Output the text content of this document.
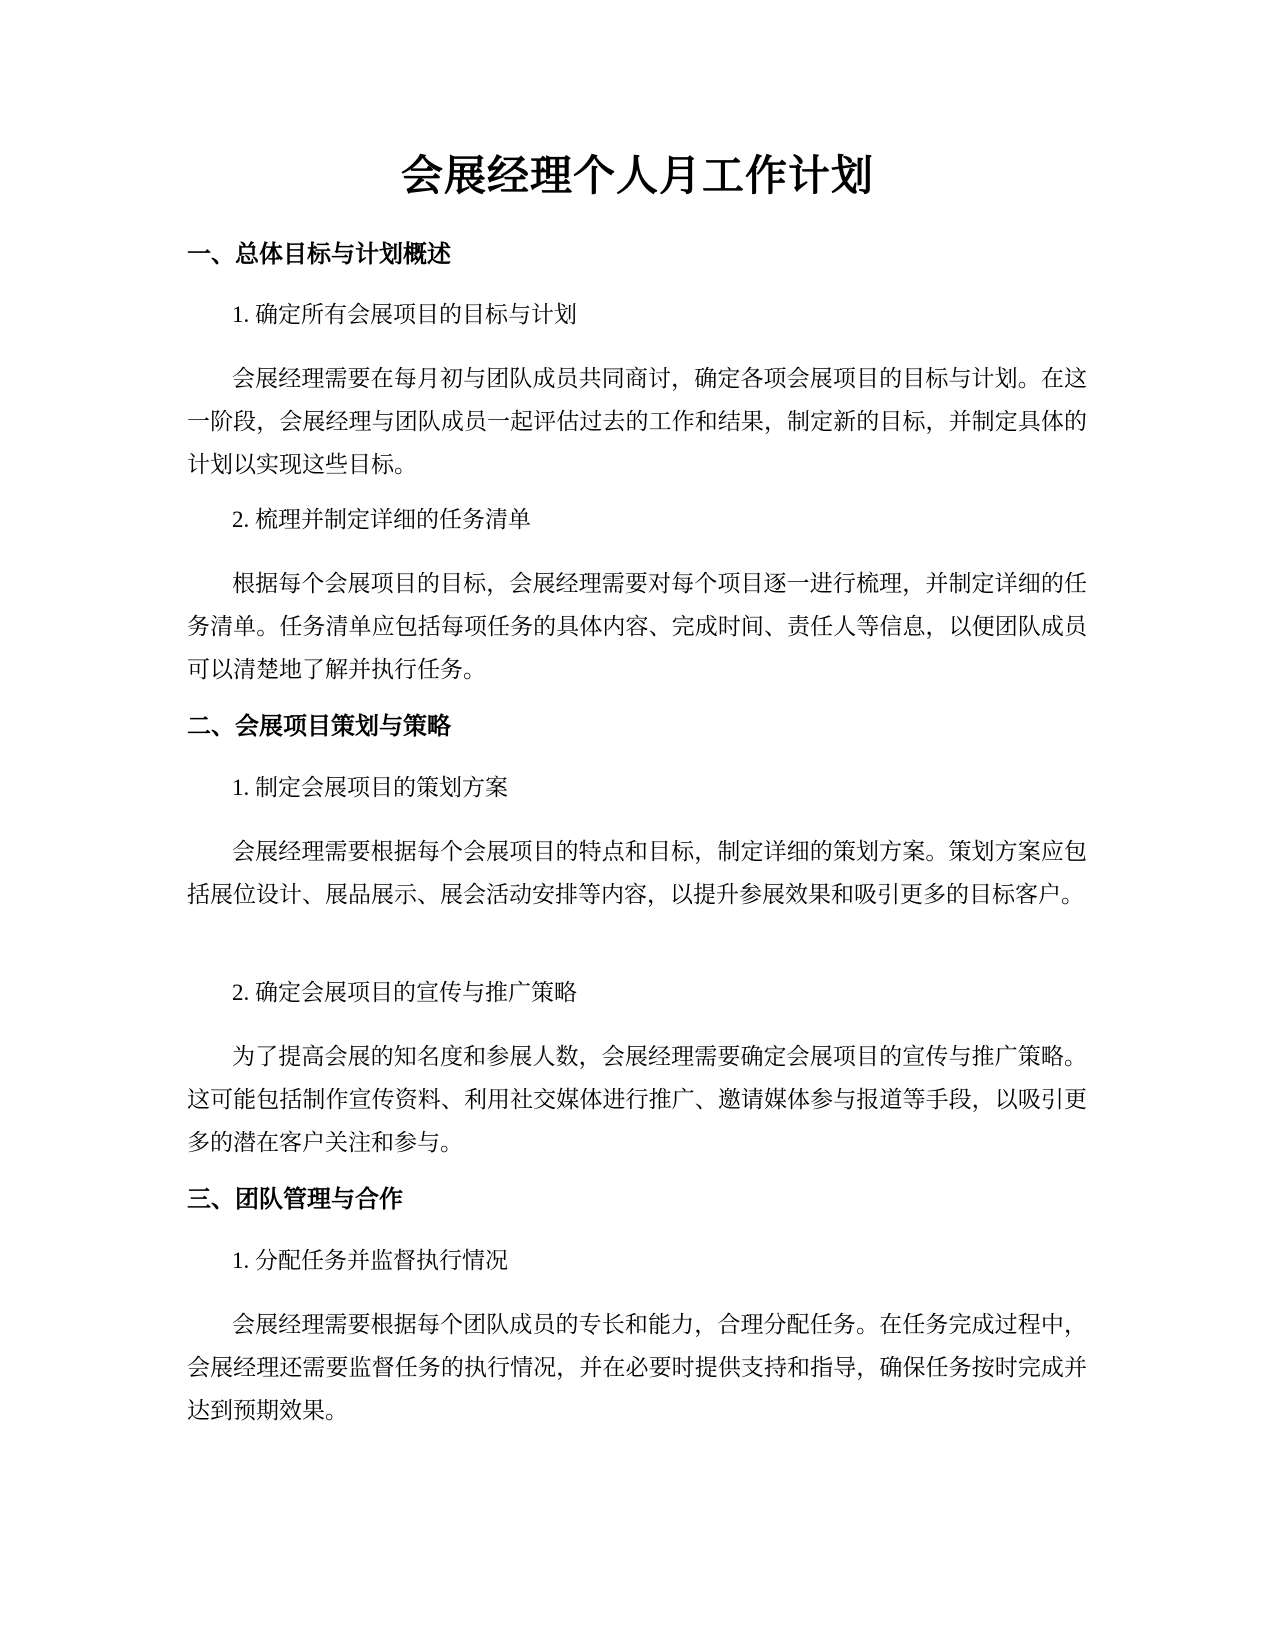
会展经理个人月工作计划
一、总体目标与计划概述

1. 确定所有会展项目的目标与计划

会展经理需要在每月初与团队成员共同商讨，确定各项会展项目的目标与计划。在这一阶段，会展经理与团队成员一起评估过去的工作和结果，制定新的目标，并制定具体的计划以实现这些目标。

2. 梳理并制定详细的任务清单

根据每个会展项目的目标，会展经理需要对每个项目逐一进行梳理，并制定详细的任务清单。任务清单应包括每项任务的具体内容、完成时间、责任人等信息，以便团队成员可以清楚地了解并执行任务。

二、会展项目策划与策略

1. 制定会展项目的策划方案

会展经理需要根据每个会展项目的特点和目标，制定详细的策划方案。策划方案应包括展位设计、展品展示、展会活动安排等内容，以提升参展效果和吸引更多的目标客户。

2. 确定会展项目的宣传与推广策略

为了提高会展的知名度和参展人数，会展经理需要确定会展项目的宣传与推广策略。这可能包括制作宣传资料、利用社交媒体进行推广、邀请媒体参与报道等手段，以吸引更多的潜在客户关注和参与。

三、团队管理与合作

1. 分配任务并监督执行情况

会展经理需要根据每个团队成员的专长和能力，合理分配任务。在任务完成过程中，会展经理还需要监督任务的执行情况，并在必要时提供支持和指导，确保任务按时完成并达到预期效果。
